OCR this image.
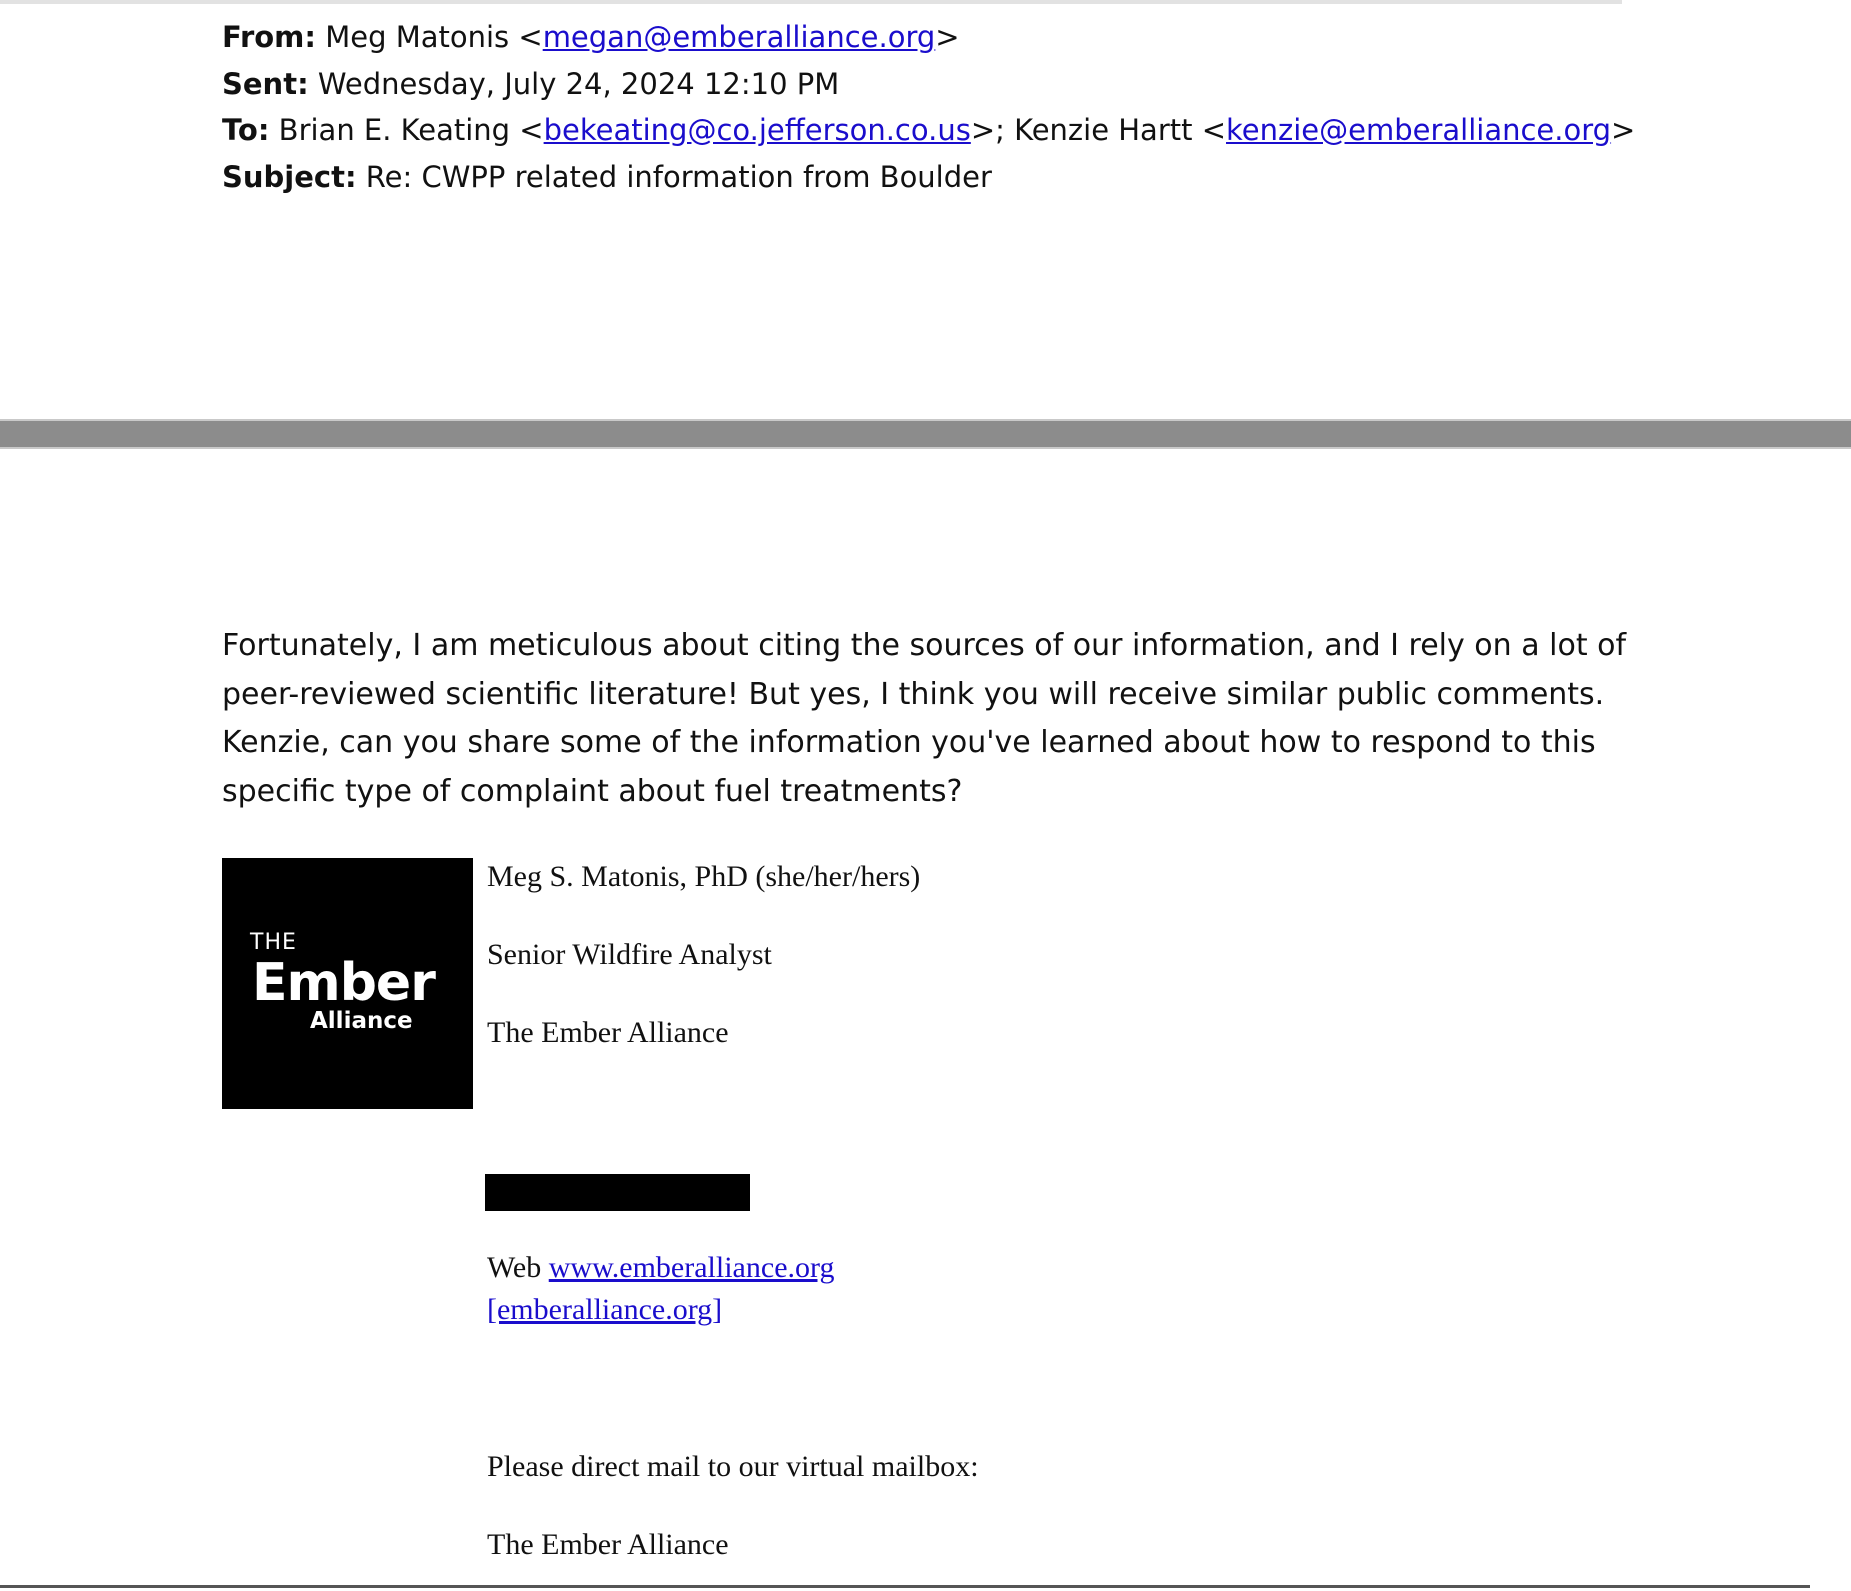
From: Meg Matonis <megan@emberalliance.org>
Sent: Wednesday, July 24, 2024 12:10 PM
To: Brian E. Keating <bekeating@co.jefferson.co.us>; Kenzie Hartt <kenzie@emberalliance.org>
Subject: Re: CWPP related information from Boulder
Fortunately, I am meticulous about citing the sources of our information, and I rely on a lot of peer-reviewed scientific literature! But yes, I think you will receive similar public comments. Kenzie, can you share some of the information you've learned about how to respond to this specific type of complaint about fuel treatments?
THE
Ember
Alliance
Meg S. Matonis, PhD (she/her/hers)
Senior Wildfire Analyst
The Ember Alliance
Web www.emberalliance.org
[emberalliance.org]
Please direct mail to our virtual mailbox:
The Ember Alliance
